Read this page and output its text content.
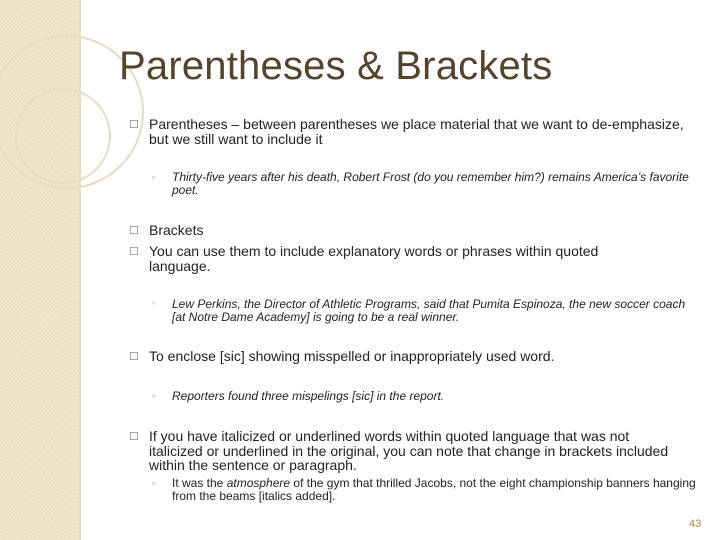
Parentheses & Brackets
☐ Parentheses – between parentheses we place material that we want to de-emphasize, but we still want to include it
◦ Thirty-five years after his death, Robert Frost (do you remember him?) remains America’s favorite poet.
☐ Brackets
☐ You can use them to include explanatory words or phrases within quoted language.
◦ Lew Perkins, the Director of Athletic Programs, said that Pumita Espinoza, the new soccer coach [at Notre Dame Academy] is going to be a real winner.
☐ To enclose [sic] showing misspelled or inappropriately used word.
◦ Reporters found three mispelings [sic] in the report.
☐ If you have italicized or underlined words within quoted language that was not italicized or underlined in the original, you can note that change in brackets included within the sentence or paragraph.
◦ It was the atmosphere of the gym that thrilled Jacobs, not the eight championship banners hanging from the beams [italics added].
43
